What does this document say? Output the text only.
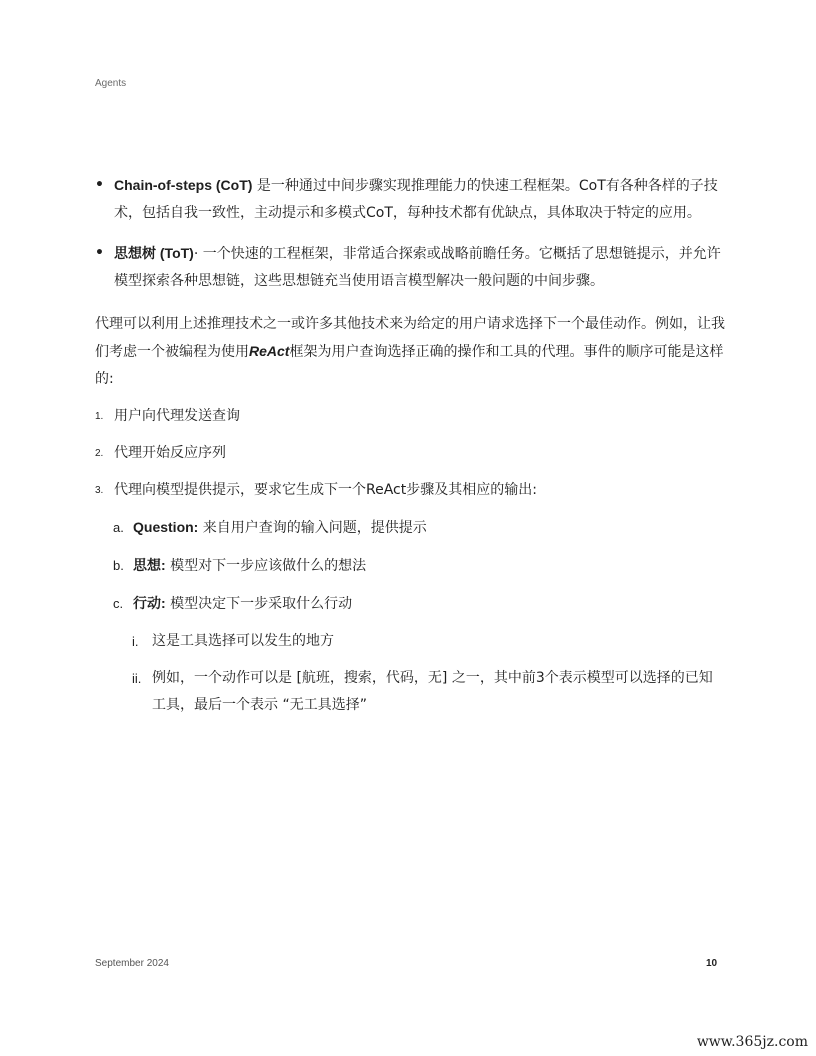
Agents
• Chain-of-steps (CoT) 是一种通过中间步骤实现推理能力的快速工程框架。CoT有各种各样的子技术，包括自我一致性，主动提示和多模式CoT，每种技术都有优缺点，具体取决于特定的应用。
• 思想树 (ToT)· 一个快速的工程框架，非常适合探索或战略前瞻任务。它概括了思想链提示，并允许模型探索各种思想链，这些思想链充当使用语言模型解决一般问题的中间步骤。
代理可以利用上述推理技术之一或许多其他技术来为给定的用户请求选择下一个最佳动作。例如，让我们考虑一个被编程为使用ReAct框架为用户查询选择正确的操作和工具的代理。事件的顺序可能是这样的:
1. 用户向代理发送查询
2. 代理开始反应序列
3. 代理向模型提供提示，要求它生成下一个ReAct步骤及其相应的输出:
a. Question: 来自用户查询的输入问题，提供提示
b. 思想: 模型对下一步应该做什么的想法
c. 行动: 模型决定下一步采取什么行动
i. 这是工具选择可以发生的地方
ii. 例如，一个动作可以是 [航班，搜索，代码，无] 之一，其中前3个表示模型可以选择的已知工具，最后一个表示 “无工具选择”
September 2024	10
www.365jz.com
